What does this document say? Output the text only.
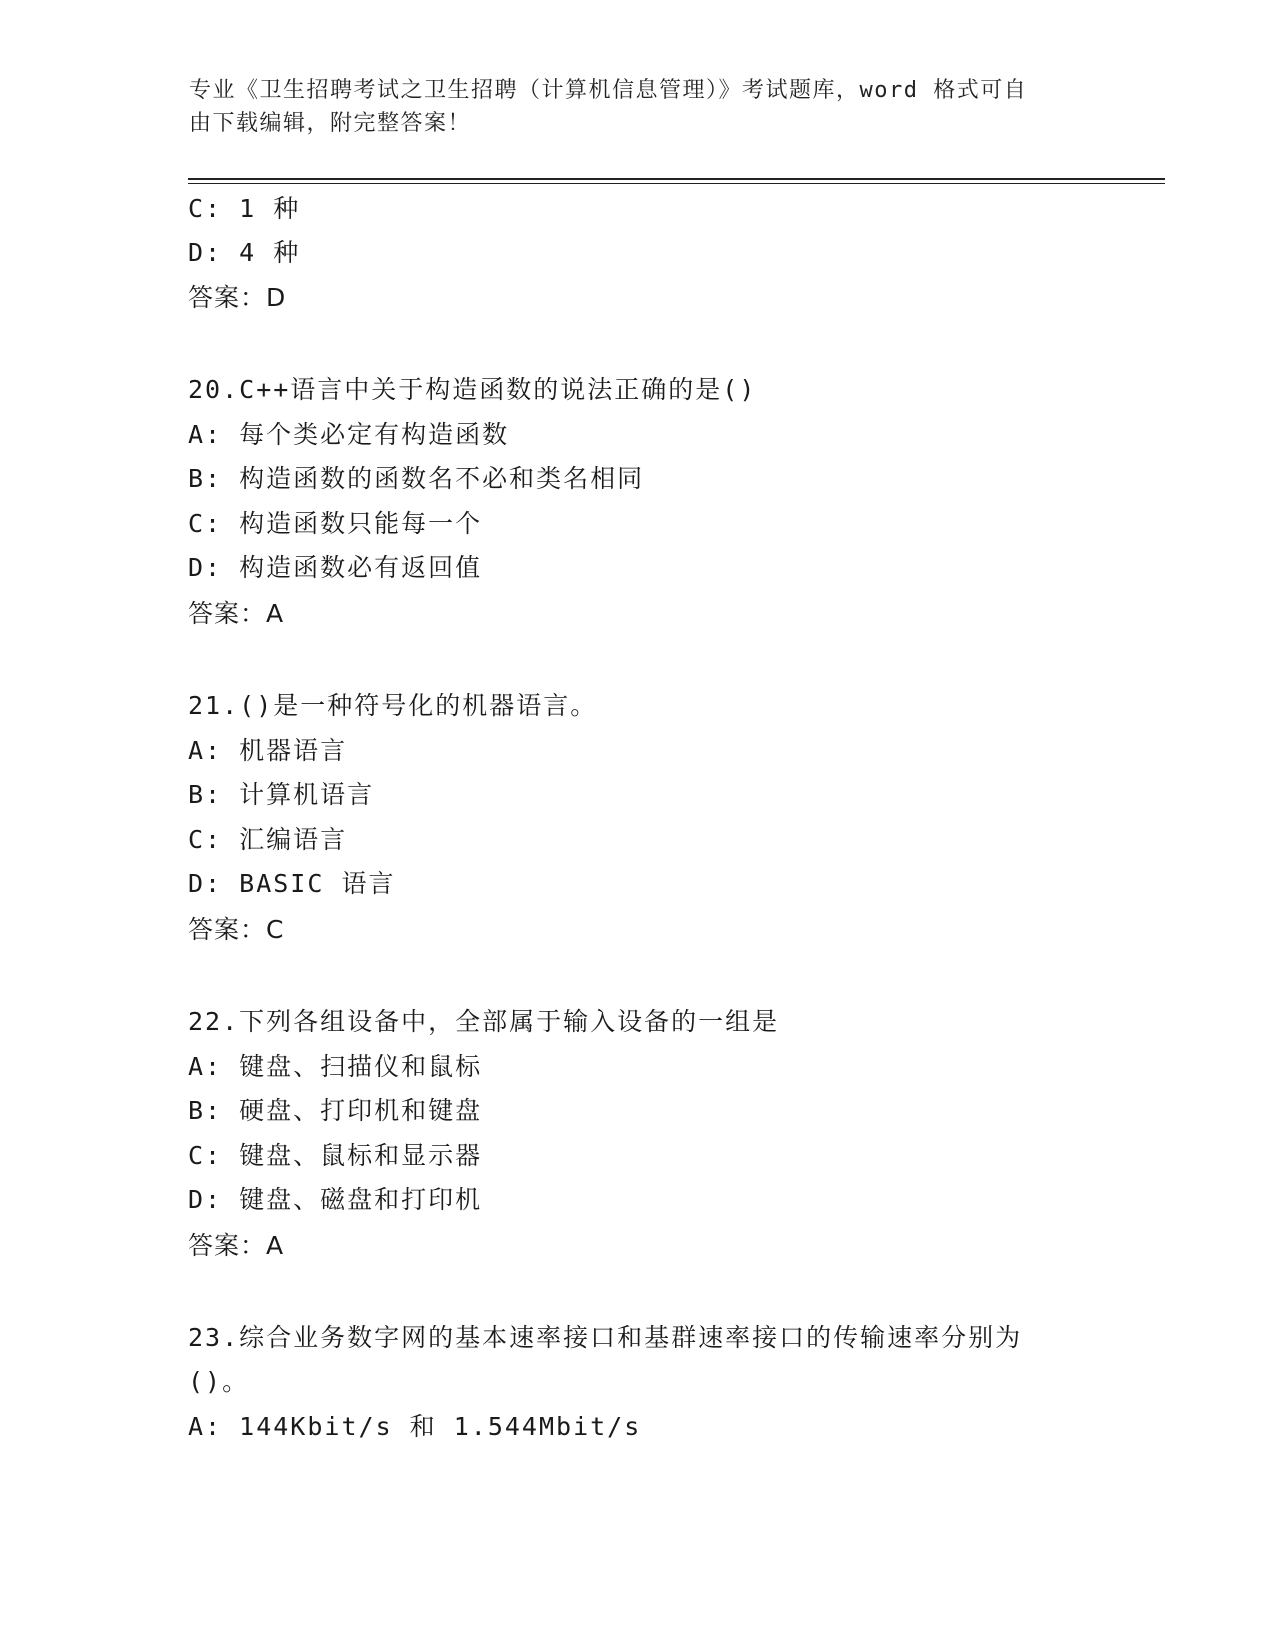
专业《卫生招聘考试之卫生招聘（计算机信息管理）》考试题库，word 格式可自
由下载编辑，附完整答案！
C: 1 种
D: 4 种
答案：D
20.C++语言中关于构造函数的说法正确的是()
A: 每个类必定有构造函数
B: 构造函数的函数名不必和类名相同
C: 构造函数只能每一个
D: 构造函数必有返回值
答案：A
21.()是一种符号化的机器语言。
A: 机器语言
B: 计算机语言
C: 汇编语言
D: BASIC 语言
答案：C
22.下列各组设备中，全部属于输入设备的一组是
A: 键盘、扫描仪和鼠标
B: 硬盘、打印机和键盘
C: 键盘、鼠标和显示器
D: 键盘、磁盘和打印机
答案：A
23.综合业务数字网的基本速率接口和基群速率接口的传输速率分别为
()。
A: 144Kbit/s 和 1.544Mbit/s
